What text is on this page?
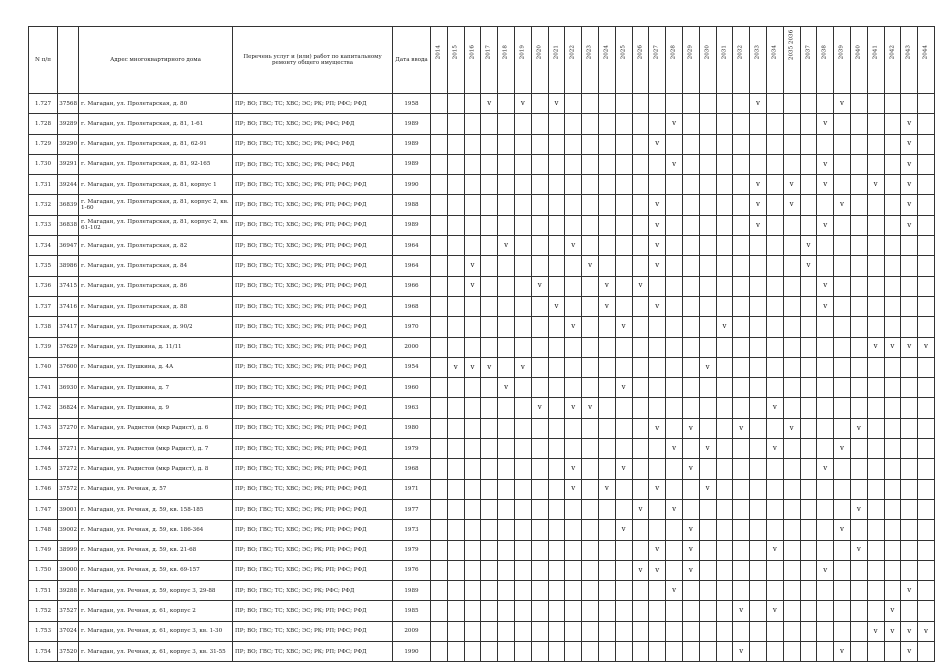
N п/п		Адрес многоквартирного дома	Перечень услуг и (или) работ по капитальному ремонту общего имущества	Дата ввода	2014	2015	2016	2017	2018	2019	2020	2021	2022	2023	2024	2025	2026	2027	2028	2029	2030	2031	2032	2033	2034	2035 2036	2037	2038	2039	2040	2041	2042	2043	2044

1.727	37568	г. Магадан, ул. Пролетарская, д. 80	ПР; ВО; ГВС; ТС; ХВС; ЭС; РК; РП; РФС; РФД	1958				v		v		v												v					v					
1.728	39289	г. Магадан, ул. Пролетарская, д. 81, 1-61	ПР; ВО; ГВС; ТС; ХВС; ЭС; РК; РФС; РФД	1989															v									v					v	
1.729	39290	г. Магадан, ул. Пролетарская, д. 81, 62-91	ПР; ВО; ГВС; ТС; ХВС; ЭС; РК; РФС; РФД	1989														v															v	
1.730	39291	г. Магадан, ул. Пролетарская, д. 81, 92-165	ПР; ВО; ГВС; ТС; ХВС; ЭС; РК; РФС; РФД	1989															v									v					v	
1.731	39244	г. Магадан, ул. Пролетарская, д. 81, корпус 1	ПР; ВО; ГВС; ТС; ХВС; ЭС; РК; РП; РФС; РФД	1990																				v		v		v			v		v	
1.732	36839	г. Магадан, ул. Пролетарская, д. 81, корпус 2, кв. 1-60	ПР; ВО; ГВС; ТС; ХВС; ЭС; РК; РП; РФС; РФД	1988														v						v		v			v				v	
1.733	36838	г. Магадан, ул. Пролетарская, д. 81, корпус 2, кв. 61-102	ПР; ВО; ГВС; ТС; ХВС; ЭС; РК; РП; РФС; РФД	1989														v						v				v					v	
1.734	36947	г. Магадан, ул. Пролетарская, д. 82	ПР; ВО; ГВС; ТС; ХВС; ЭС; РК; РП; РФС; РФД	1964					v				v					v									v							
1.735	38986	г. Магадан, ул. Пролетарская, д. 84	ПР; ВО; ГВС; ТС; ХВС; ЭС; РК; РП; РФС; РФД	1964			v							v				v									v							
1.736	37415	г. Магадан, ул. Пролетарская, д. 86	ПР; ВО; ГВС; ТС; ХВС; ЭС; РК; РП; РФС; РФД	1966			v				v				v		v											v						
1.737	37416	г. Магадан, ул. Пролетарская, д. 88	ПР; ВО; ГВС; ТС; ХВС; ЭС; РК; РП; РФС; РФД	1968								v			v			v										v						
1.738	37417	г. Магадан, ул. Пролетарская, д. 90/2	ПР; ВО; ГВС; ТС; ХВС; ЭС; РК; РП; РФС; РФД	1970									v			v						v												
1.739	37629	г. Магадан, ул. Пушкина, д. 11/11	ПР; ВО; ГВС; ТС; ХВС; ЭС; РК; РП; РФС; РФД	2000																											v	v	v	v
1.740	37600	г. Магадан, ул. Пушкина, д. 4А	ПР; ВО; ГВС; ТС; ХВС; ЭС; РК; РП; РФС; РФД	1954		v	v	v		v											v													
1.741	36930	г. Магадан, ул. Пушкина, д. 7	ПР; ВО; ГВС; ТС; ХВС; ЭС; РК; РП; РФС; РФД	1960					v							v																		
1.742	36824	г. Магадан, ул. Пушкина, д. 9	ПР; ВО; ГВС; ТС; ХВС; ЭС; РК; РП; РФС; РФД	1963							v		v	v											v									
1.743	37270	г. Магадан, ул. Радистов (мкр Радист), д. 6	ПР; ВО; ГВС; ТС; ХВС; ЭС; РК; РП; РФС; РФД	1980														v		v			v			v				v				
1.744	37271	г. Магадан, ул. Радистов (мкр Радист), д. 7	ПР; ВО; ГВС; ТС; ХВС; ЭС; РК; РП; РФС; РФД	1979															v		v				v				v					
1.745	37272	г. Магадан, ул. Радистов (мкр Радист), д. 8	ПР; ВО; ГВС; ТС; ХВС; ЭС; РК; РП; РФС; РФД	1968									v			v				v								v						
1.746	37572	г. Магадан, ул. Речная, д. 57	ПР; ВО; ГВС; ТС; ХВС; ЭС; РК; РП; РФС; РФД	1971									v		v			v			v													
1.747	39001	г. Магадан, ул. Речная, д. 59, кв. 158-185	ПР; ВО; ГВС; ТС; ХВС; ЭС; РК; РП; РФС; РФД	1977													v		v											v				
1.748	39002	г. Магадан, ул. Речная, д. 59, кв. 186-364	ПР; ВО; ГВС; ТС; ХВС; ЭС; РК; РП; РФС; РФД	1973												v				v									v					
1.749	38999	г. Магадан, ул. Речная, д. 59, кв. 21-68	ПР; ВО; ГВС; ТС; ХВС; ЭС; РК; РП; РФС; РФД	1979														v		v					v					v				
1.750	39000	г. Магадан, ул. Речная, д. 59, кв. 69-157	ПР; ВО; ГВС; ТС; ХВС; ЭС; РК; РП; РФС; РФД	1976													v	v		v								v						
1.751	39288	г. Магадан, ул. Речная, д. 59, корпус 3, 29-88	ПР; ВО; ГВС; ТС; ХВС; ЭС; РК; РФС; РФД	1989															v														v	
1.752	37527	г. Магадан, ул. Речная, д. 61, корпус 2	ПР; ВО; ГВС; ТС; ХВС; ЭС; РК; РП; РФС; РФД	1985																			v		v							v		
1.753	37024	г. Магадан, ул. Речная, д. 61, корпус 3, кв. 1-30	ПР; ВО; ГВС; ТС; ХВС; ЭС; РК; РП; РФС; РФД	2009																											v	v	v	v
1.754	37520	г. Магадан, ул. Речная, д. 61, корпус 3, кв. 31-55	ПР; ВО; ГВС; ТС; ХВС; ЭС; РК; РП; РФС; РФД	1990																			v						v				v	
